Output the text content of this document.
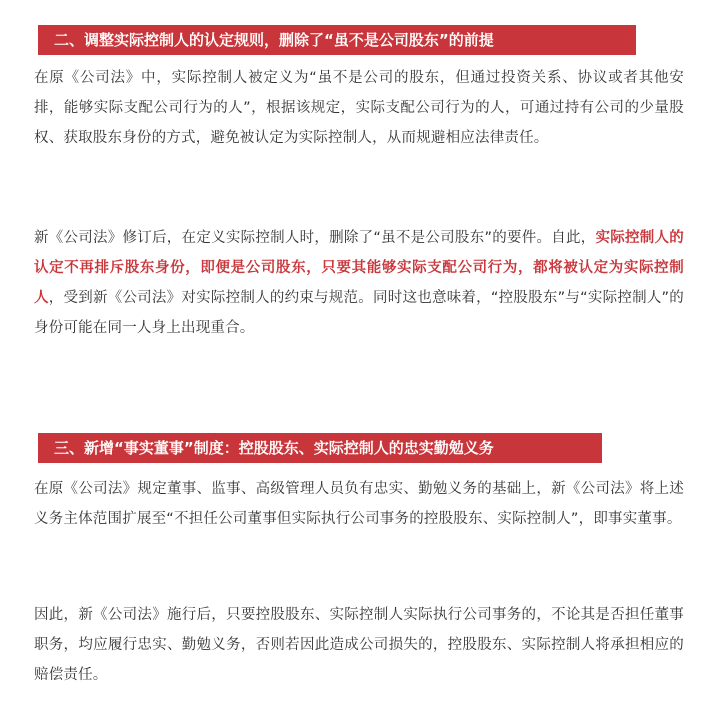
二、调整实际控制人的认定规则，删除了“虽不是公司股东”的前提

在原《公司法》中，实际控制人被定义为“虽不是公司的股东，但通过投资关系、协议或者其他安排，能够实际支配公司行为的人”，根据该规定，实际支配公司行为的人，可通过持有公司的少量股权、获取股东身份的方式，避免被认定为实际控制人，从而规避相应法律责任。

新《公司法》修订后，在定义实际控制人时，删除了“虽不是公司股东”的要件。自此，实际控制人的认定不再排斥股东身份，即便是公司股东，只要其能够实际支配公司行为，都将被认定为实际控制人，受到新《公司法》对实际控制人的约束与规范。同时这也意味着，“控股股东”与“实际控制人”的身份可能在同一人身上出现重合。

三、新增“事实董事”制度：控股股东、实际控制人的忠实勤勉义务

在原《公司法》规定董事、监事、高级管理人员负有忠实、勤勉义务的基础上，新《公司法》将上述义务主体范围扩展至“不担任公司董事但实际执行公司事务的控股股东、实际控制人”，即事实董事。

因此，新《公司法》施行后，只要控股股东、实际控制人实际执行公司事务的，不论其是否担任董事职务，均应履行忠实、勤勉义务，否则若因此造成公司损失的，控股股东、实际控制人将承担相应的赔偿责任。
